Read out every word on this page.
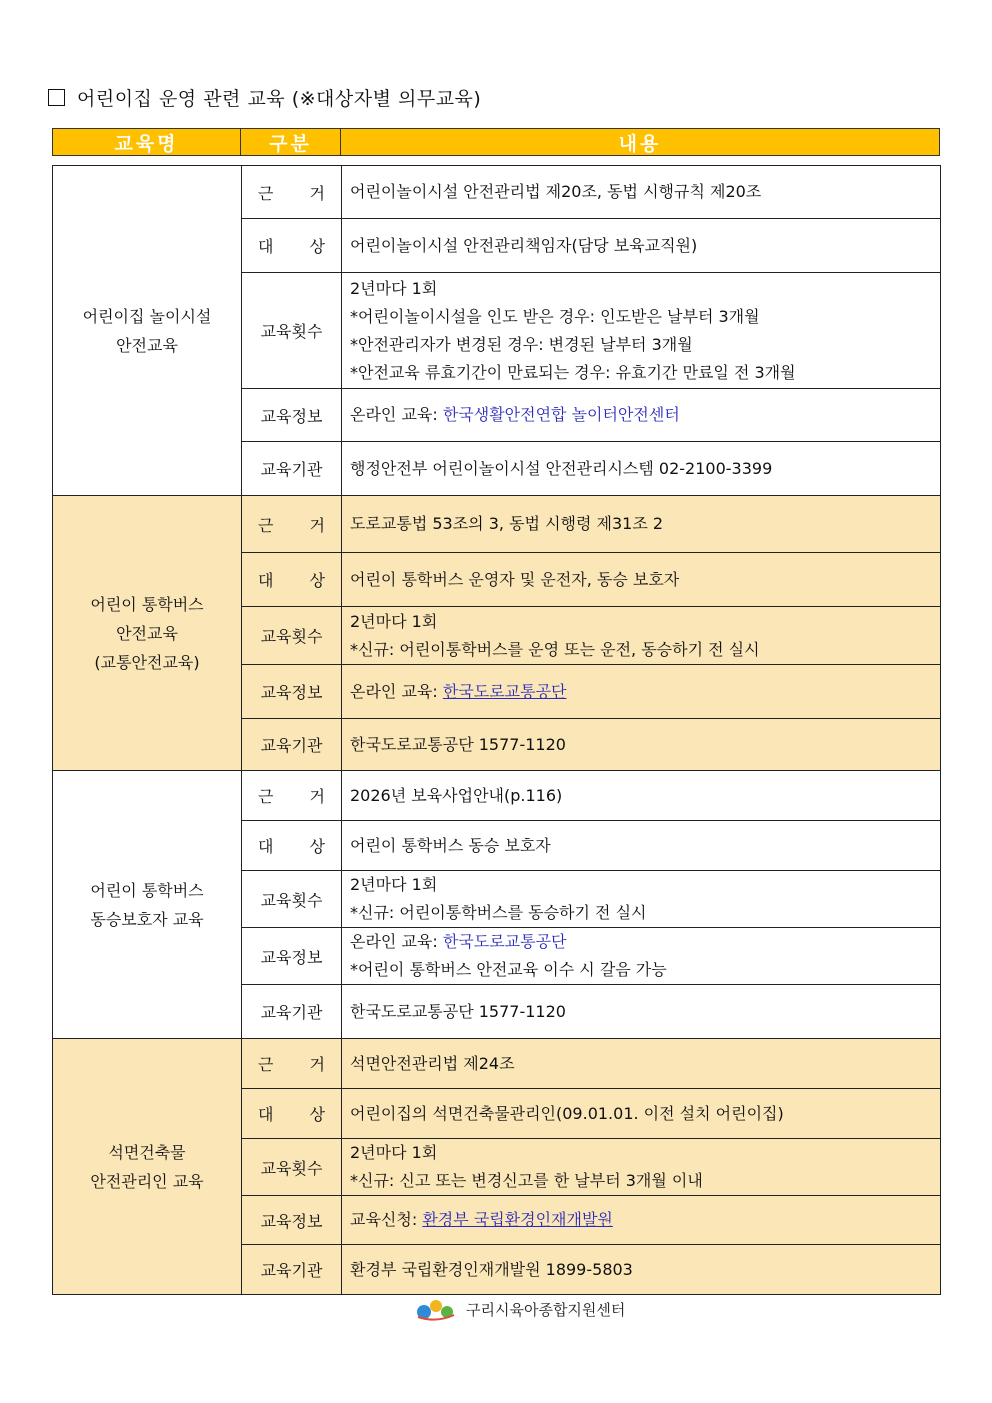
어린이집 운영 관련 교육 (※대상자별 의무교육)
교육명	구분	내용
어린이집 놀이시설
안전교육	근 거	어린이놀이시설 안전관리법 제20조, 동법 시행규칙 제20조
	대 상	어린이놀이시설 안전관리책임자(담당 보육교직원)
	교육횟수	2년마다 1회
*어린이놀이시설을 인도 받은 경우: 인도받은 날부터 3개월
*안전관리자가 변경된 경우: 변경된 날부터 3개월
*안전교육 류효기간이 만료되는 경우: 유효기간 만료일 전 3개월

	교육정보	온라인 교육: 한국생활안전연합 놀이터안전센터
	교육기관	행정안전부 어린이놀이시설 안전관리시스템 02-2100-3399

어린이 통학버스
안전교육
(교통안전교육)	근 거	도로교통법 53조의 3, 동법 시행령 제31조 2
	대 상	어린이 통학버스 운영자 및 운전자, 동승 보호자
	교육횟수	2년마다 1회
*신규: 어린이통학버스를 운영 또는 운전, 동승하기 전 실시

	교육정보	온라인 교육: 한국도로교통공단
	교육기관	한국도로교통공단 1577-1120

어린이 통학버스
동승보호자 교육	근 거	2026년 보육사업안내(p.116)
	대 상	어린이 통학버스 동승 보호자
	교육횟수	2년마다 1회
*신규: 어린이통학버스를 동승하기 전 실시

	교육정보	온라인 교육: 한국도로교통공단
*어린이 통학버스 안전교육 이수 시 갈음 가능

	교육기관	한국도로교통공단 1577-1120

석면건축물
안전관리인 교육	근 거	석면안전관리법 제24조
	대 상	어린이집의 석면건축물관리인(09.01.01. 이전 설치 어린이집)
	교육횟수	2년마다 1회
*신규: 신고 또는 변경신고를 한 날부터 3개월 이내

	교육정보	교육신청: 환경부 국립환경인재개발원
	교육기관	환경부 국립환경인재개발원 1899-5803
구리시육아종합지원센터
